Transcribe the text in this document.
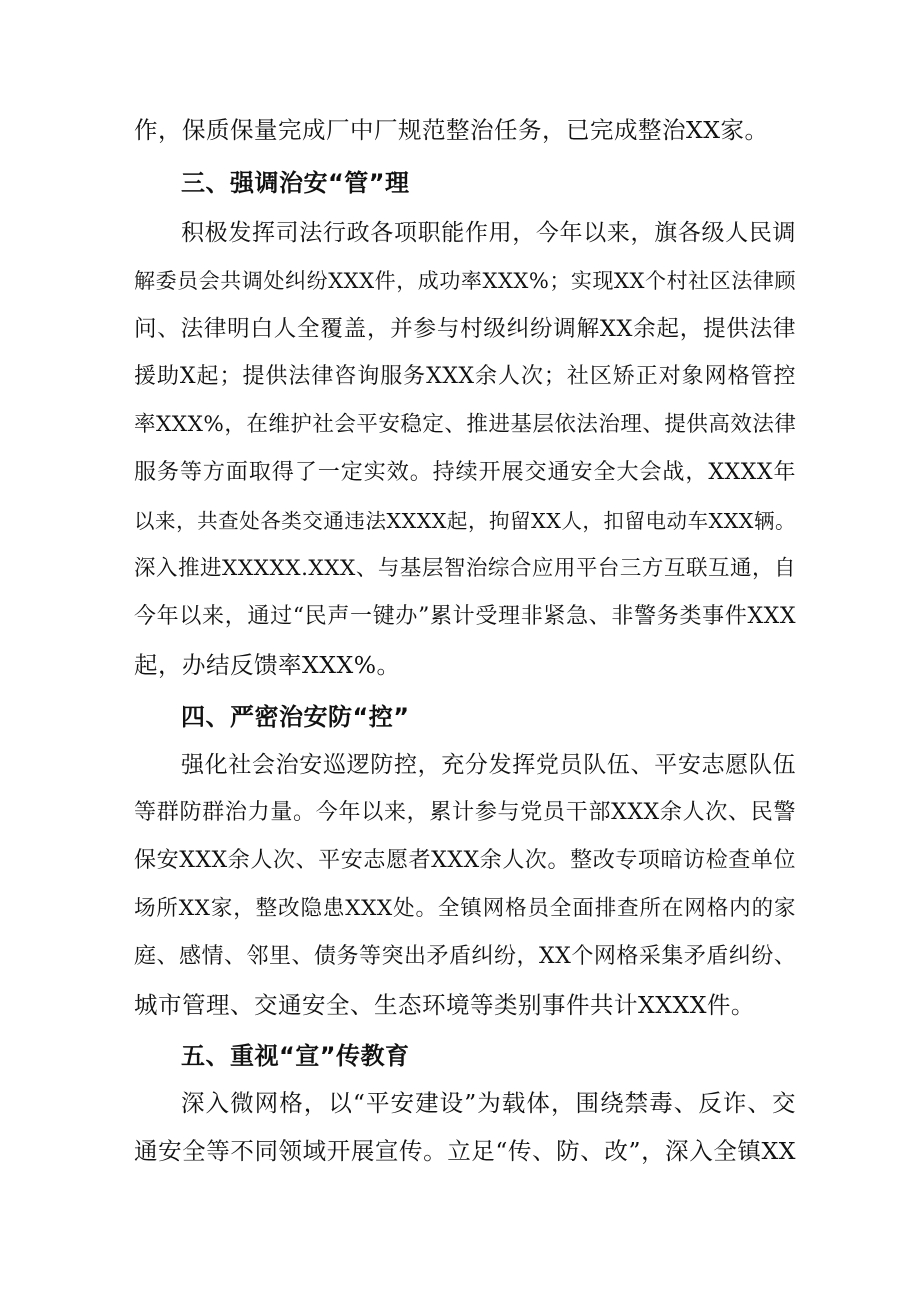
作，保质保量完成厂中厂规范整治任务，已完成整治XX家。
三、强调治安“管”理
积极发挥司法行政各项职能作用，今年以来，旗各级人民调
解委员会共调处纠纷XXX件，成功率XXX%；实现XX个村社区法律顾
问、法律明白人全覆盖，并参与村级纠纷调解XX余起，提供法律
援助X起；提供法律咨询服务XXX余人次；社区矫正对象网格管控
率XXX%，在维护社会平安稳定、推进基层依法治理、提供高效法律
服务等方面取得了一定实效。持续开展交通安全大会战，XXXX年
以来，共查处各类交通违法XXXX起，拘留XX人，扣留电动车XXX辆。
深入推进XXXXX.XXX、与基层智治综合应用平台三方互联互通，自
今年以来，通过“民声一键办”累计受理非紧急、非警务类事件XXX
起，办结反馈率XXX%。
四、严密治安防“控”
强化社会治安巡逻防控，充分发挥党员队伍、平安志愿队伍
等群防群治力量。今年以来，累计参与党员干部XXX余人次、民警
保安XXX余人次、平安志愿者XXX余人次。整改专项暗访检查单位
场所XX家，整改隐患XXX处。全镇网格员全面排查所在网格内的家
庭、感情、邻里、债务等突出矛盾纠纷，XX个网格采集矛盾纠纷、
城市管理、交通安全、生态环境等类别事件共计XXXX件。
五、重视“宣”传教育
深入微网格，以“平安建设”为载体，围绕禁毒、反诈、交
通安全等不同领域开展宣传。立足“传、防、改”，深入全镇XX
